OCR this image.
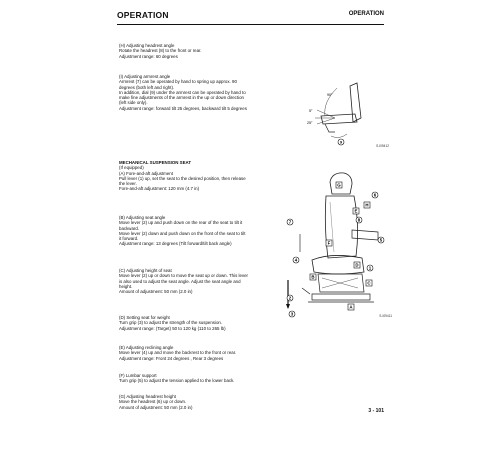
OPERATION	OPERATION

(H) Adjusting headrest angle

Rotate the headrest (8) to the front or rear.

Adjustment range: 60 degrees

(I) Adjusting armrest angle

Armrest (7) can be operated by hand to spring up approx. 90

degrees (both left and right).

In addition, dial (9) under the armrest can be operated by hand to

make fine adjustments of the armrest in the up or down direction

(left side only).

Adjustment range: forward tilt 25 degrees, backward tilt 5 degrees

9
5°
25°
90°
S-I09412

MECHANICAL SUSPENSION SEAT

(If equipped)

(A) Fore-and-aft adjustment

Pull lever (1) up, set the seat to the desired position, then release

the lever.

Fore-and-aft adjustment: 120 mm (4.7 in)

(B) Adjusting seat angle

Move lever (2) up and push down on the rear of the seat to tilt it

backward.

Move lever (2) down and push down on the front of the seat to tilt

it forward.

Adjustment range: 13 degrees (Tilt forward/tilt back angle)

(C) Adjusting height of seat

Move lever (2) up or down to move the seat up or down. This lever

is also used to adjust the seat angle. Adjust the seat angle and

height.

Amount of adjustment: 50 mm (2.0 in)

(D) Setting seat for weight

Turn grip (3) to adjust the strength of the suspension.

Adjustment range: (Target) 50 to 120 kg (110 to 265 lb)

(E) Adjusting reclining angle

Move lever (4) up and move the backrest to the front or rear.

Adjustment range: Front 24 degrees , Rear 3 degrees

(F) Lumbar support

Turn grip (5) to adjust the tension applied to the lower back.

(G) Adjusting headrest height

Move the headrest (6) up or down.

Amount of adjustment: 50 mm (2.0 in)

G
6
H
E
7	8
F
5
4
D
1
B
A
C
2
3	S-I09411
3 - 101
